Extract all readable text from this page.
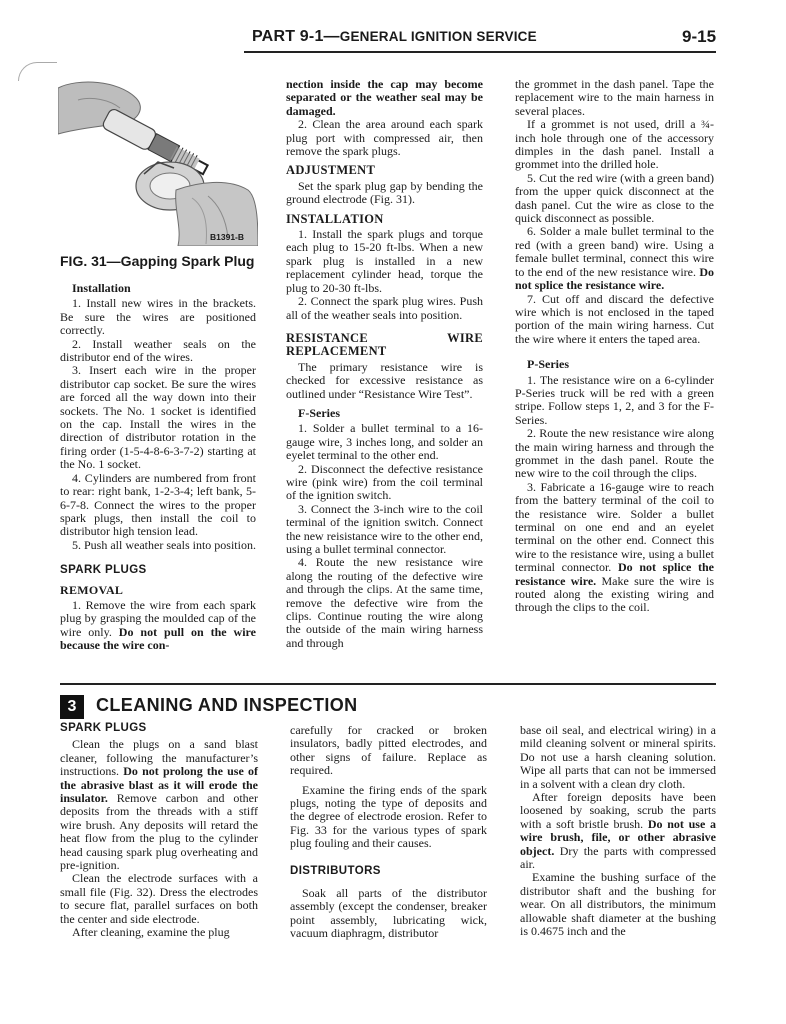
PART 9-1—GENERAL IGNITION SERVICE	9-15
B1391-B
FIG. 31—Gapping Spark Plug
Installation

1. Install new wires in the brackets. Be sure the wires are positioned correctly.

2. Install weather seals on the distributor end of the wires.

3. Insert each wire in the proper distributor cap socket. Be sure the wires are forced all the way down into their sockets. The No. 1 socket is identified on the cap. Install the wires in the direction of distributor rotation in the firing order (1-5-4-8-6-3-7-2) starting at the No. 1 socket.

4. Cylinders are numbered from front to rear: right bank, 1-2-3-4; left bank, 5-6-7-8. Connect the wires to the proper spark plugs, then install the coil to distributor high tension lead.

5. Push all weather seals into position.

SPARK PLUGS
REMOVAL

1. Remove the wire from each spark plug by grasping the moulded cap of the wire only. Do not pull on the wire because the wire con-

nection inside the cap may become separated or the weather seal may be damaged.

2. Clean the area around each spark plug port with compressed air, then remove the spark plugs.

ADJUSTMENT

Set the spark plug gap by bending the ground electrode (Fig. 31).

INSTALLATION

1. Install the spark plugs and torque each plug to 15-20 ft-lbs. When a new spark plug is installed in a new replacement cylinder head, torque the plug to 20-30 ft-lbs.

2. Connect the spark plug wires. Push all of the weather seals into position.

RESISTANCE WIRE REPLACEMENT

The primary resistance wire is checked for excessive resistance as outlined under “Resistance Wire Test”.

F-Series

1. Solder a bullet terminal to a 16-gauge wire, 3 inches long, and solder an eyelet terminal to the other end.

2. Disconnect the defective resistance wire (pink wire) from the coil terminal of the ignition switch.

3. Connect the 3-inch wire to the coil terminal of the ignition switch. Connect the new reisistance wire to the other end, using a bullet terminal connector.

4. Route the new resistance wire along the routing of the defective wire and through the clips. At the same time, remove the defective wire from the clips. Continue routing the wire along the outside of the main wiring harness and through

the grommet in the dash panel. Tape the replacement wire to the main harness in several places.

If a grommet is not used, drill a ¾-inch hole through one of the accessory dimples in the dash panel. Install a grommet into the drilled hole.

5. Cut the red wire (with a green band) from the upper quick disconnect at the dash panel. Cut the wire as close to the quick disconnect as possible.

6. Solder a male bullet terminal to the red (with a green band) wire. Using a female bullet terminal, connect this wire to the end of the new resistance wire. Do not splice the resistance wire.

7. Cut off and discard the defective wire which is not enclosed in the taped portion of the main wiring harness. Cut the wire where it enters the taped area.

P-Series

1. The resistance wire on a 6-cylinder P-Series truck will be red with a green stripe. Follow steps 1, 2, and 3 for the F-Series.

2. Route the new resistance wire along the main wiring harness and through the grommet in the dash panel. Route the new wire to the coil through the clips.

3. Fabricate a 16-gauge wire to reach from the battery terminal of the coil to the resistance wire. Solder a bullet terminal on one end and an eyelet terminal on the other end. Connect this wire to the resistance wire, using a bullet terminal connector. Do not splice the resistance wire. Make sure the wire is routed along the existing wiring and through the clips to the coil.

3	CLEANING AND INSPECTION
SPARK PLUGS

Clean the plugs on a sand blast cleaner, following the manufacturer’s instructions. Do not prolong the use of the abrasive blast as it will erode the insulator. Remove carbon and other deposits from the threads with a stiff wire brush. Any deposits will retard the heat flow from the plug to the cylinder head causing spark plug overheating and pre-ignition.

Clean the electrode surfaces with a small file (Fig. 32). Dress the electrodes to secure flat, parallel surfaces on both the center and side electrode.

After cleaning, examine the plug

carefully for cracked or broken insulators, badly pitted electrodes, and other signs of failure. Replace as required.

Examine the firing ends of the spark plugs, noting the type of deposits and the degree of electrode erosion. Refer to Fig. 33 for the various types of spark plug fouling and their causes.

DISTRIBUTORS

Soak all parts of the distributor assembly (except the condenser, breaker point assembly, lubricating wick, vacuum diaphragm, distributor

base oil seal, and electrical wiring) in a mild cleaning solvent or mineral spirits. Do not use a harsh cleaning solution. Wipe all parts that can not be immersed in a solvent with a clean dry cloth.

After foreign deposits have been loosened by soaking, scrub the parts with a soft bristle brush. Do not use a wire brush, file, or other abrasive object. Dry the parts with compressed air.

Examine the bushing surface of the distributor shaft and the bushing for wear. On all distributors, the minimum allowable shaft diameter at the bushing is 0.4675 inch and the
